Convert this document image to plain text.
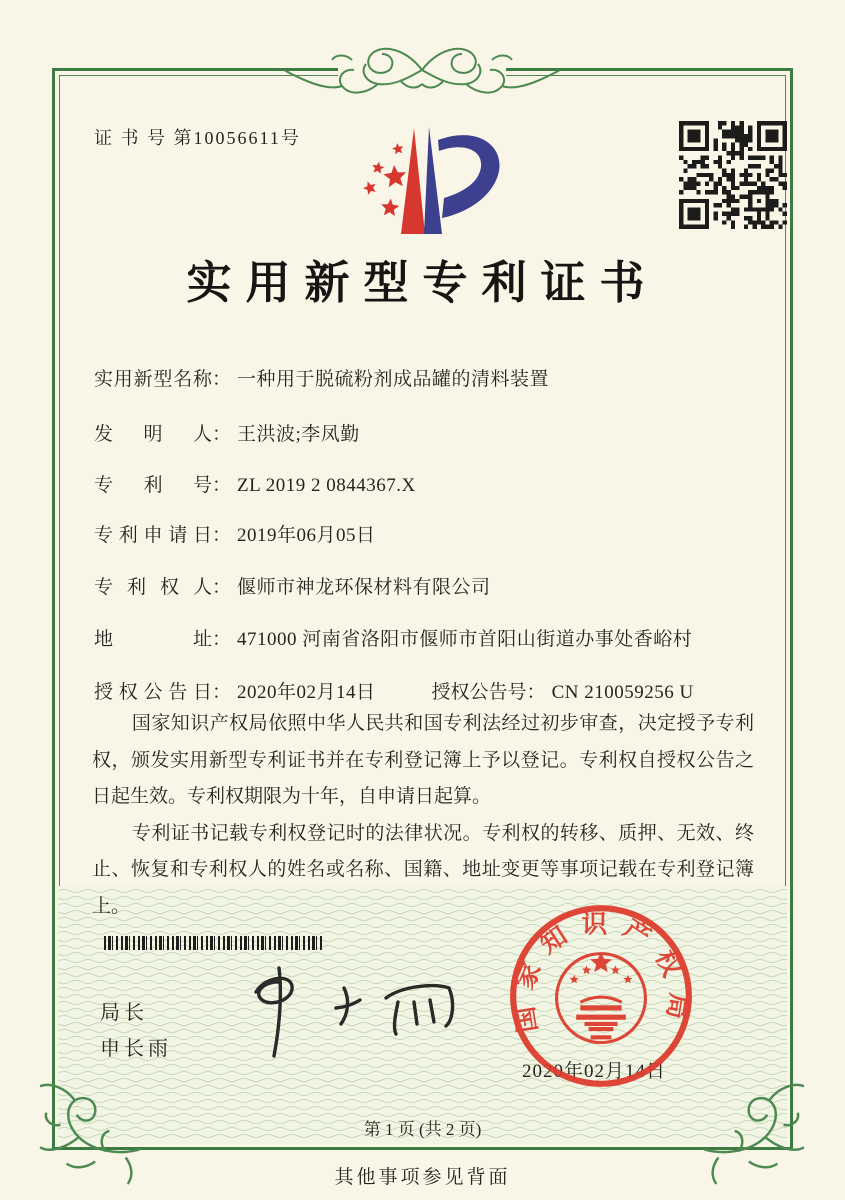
证 书 号 第10056611号
实用新型专利证书
实用新型名称： 一种用于脱硫粉剂成品罐的清料装置
发明人： 王洪波;李凤勤
专利号： ZL 2019 2 0844367.X
专利申请日： 2019年06月05日
专利权人： 偃师市神龙环保材料有限公司
地址： 471000 河南省洛阳市偃师市首阳山街道办事处香峪村
授权公告日： 2020年02月14日	授权公告号： CN 210059256 U

国家知识产权局依照中华人民共和国专利法经过初步审查，决定授予专利权，颁发实用新型专利证书并在专利登记簿上予以登记。专利权自授权公告之日起生效。专利权期限为十年，自申请日起算。

专利证书记载专利权登记时的法律状况。专利权的转移、质押、无效、终止、恢复和专利权人的姓名或名称、国籍、地址变更等事项记载在专利登记簿上。

局长
申长雨
国家知识产权局
2020年02月14日
第 1 页 (共 2 页)
其他事项参见背面
